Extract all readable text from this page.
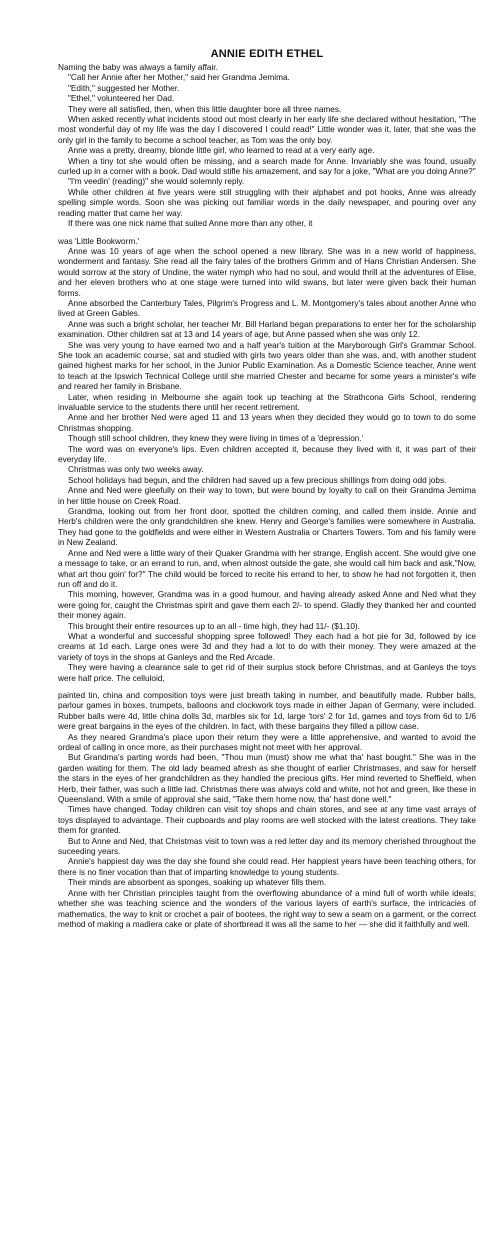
ANNIE EDITH ETHEL

Naming the baby was always a family affair.

"Call her Annie after her Mother," said her Grandma Jemima.

"Edith," suggested her Mother.

"Ethel," volunteered her Dad.

They were all satisfied, then, when this little daughter bore all three names.

When asked recently what incidents stood out most clearly in her early life she declared without hesitation, "The most wonderful day of my life was the day I discovered I could read!" Little wonder was it, later, that she was the only girl in the family to become a school teacher, as Tom was the only boy.

Anne was a pretty, dreamy, blonde little girl, who learned to read at a very early age.

When a tiny tot she would often be missing, and a search made for Anne. Invariably she was found, usually curled up in a corner with a book. Dad would stifle his amazement, and say for a joke, "What are you doing Anne?"

"I'm veedin' (reading)" she would solemnly reply.

While other children at five years were still struggling with their alphabet and pot hooks, Anne was already spelling simple words. Soon she was picking out familiar words in the daily newspaper, and pouring over any reading matter that came her way.

If there was one nick name that suited Anne more than any other, it

was 'Little Bookworm.'

Anne was 10 years of age when the school opened a new library. She was in a new world of happiness, wonderment and fantasy. She read all the fairy tales of the brothers Grimm and of Hans Christian Andersen. She would sorrow at the story of Undine, the water nymph who had no soul, and would thrill at the adventures of Elise, and her eleven brothers who at one stage were turned into wild swans, but later were given back their human forms.

Anne absorbed the Canterbury Tales, Pilgrim's Progress and L. M. Montgomery's tales about another Anne who lived at Green Gables.

Anne was such a bright scholar, her teacher Mr. Bill Harland began preparations to enter her for the scholarship examination. Other children sat at 13 and 14 years of age, but Anne passed when she was only 12.

She was very young to have earned two and a half year's tuition at the Maryborough Girl's Grammar School. She took an academic course, sat and studied with girls two years older than she was, and, with another student gained highest marks for her school, in the Junior Public Examination. As a Domestic Science teacher, Anne went to teach at the Ipswich Technical College until she married Chester and became for some years a minister's wife and reared her family in Brisbane.

Later, when residing in Melbourne she again took up teaching at the Strathcona Girls School, rendering invaluable service to the students there until her recent retirement.

Anne and her brother Ned were aged 11 and 13 years when they decided they would go to town to do some Christmas shopping.

Though still school children, they knew they were living in times of a 'depression.'

The word was on everyone's lips. Even children accepted it, because they lived with it, it was part of their everyday life.

Christmas was only two weeks away.

School holidays had begun, and the children had saved up a few precious shillings from doing odd jobs.

Anne and Ned were gleefully on their way to town, but were bound by loyalty to call on their Grandma Jemima in her little house on Creek Road.

Grandma, looking out from her front door, spotted the children coming, and called them inside. Annie and Herb's children were the only grandchildren she knew. Henry and George's families were somewhere in Australia. They had gone to the goldfields and were either in Western Australia or Charters Towers. Tom and his family were in New Zealand.

Anne and Ned were a little wary of their Quaker Grandma with her strange, English accent. She would give one a message to take, or an errand to run, and, when almost outside the gate, she would call him back and ask,"Now, what art thou goin' for?" The child would be forced to recite his errand to her, to show he had not forgotten it, then run off and do it.

This morning, however, Grandma was in a good humour, and having already asked Anne and Ned what they were going for, caught the Christmas spirit and gave them each 2/- to spend. Gladly they thanked her and counted their money again.

This brought their entire resources up to an all - time high, they had 11/- ($1.10).

What a wonderful and successful shopping spree followed! They each had a hot pie for 3d, followed by ice creams at 1d each. Large ones were 3d and they had a lot to do with their money. They were amazed at the variety of toys in the shops at Ganleys and the Red Arcade.

They were having a clearance sale to get rid of their surplus stock before Christmas, and at Ganleys the toys were half price. The celluloid,

painted tin, china and composition toys were just breath taking in number, and beautifully made. Rubber balls, parlour games in boxes, trumpets, balloons and clockwork toys made in either Japan of Germany, were included. Rubber balls were 4d, little china dolls 3d, marbles six for 1d, large 'tors' 2 for 1d, games and toys from 6d to 1/6 were great bargains in the eyes of the children. In fact, with these bargains they filled a pillow case.

As they neared Grandma's place upon their return they were a little apprehensive, and wanted to avoid the ordeal of calling in once more, as their purchases might not meet with her approval.

But Grandma's parting words had been, "Thou mun (must) show me what tha' hast bought." She was in the garden waiting for them. The old lady beamed afresh as she thought of earlier Christmases, and saw for herself the stars in the eyes of her grandchildren as they handled the precious gifts. Her mind reverted to Sheffield, when Herb, their father, was such a little lad. Christmas there was always cold and white, not hot and green, like these in Queensland. With a smile of approval she said, "Take them home now, tha' hast done well."

Times have changed. Today children can visit toy shops and chain stores, and see at any time vast arrays of toys displayed to advantage. Their cupboards and play rooms are well stocked with the latest creations. They take them for granted.

But to Anne and Ned, that Christmas visit to town was a red letter day and its memory cherished throughout the suceeding years.

Annie's happiest day was the day she found she could read. Her happiest years have been teaching others, for there is no finer vocation than that of imparting knowledge to young students.

Their minds are absorbent as sponges, soaking up whatever fills them.

Anne with her Christian principles taught from the overflowing abundance of a mind full of worth while ideals; whether she was teaching science and the wonders of the various layers of earth's surface, the intricacies of mathematics, the way to knit or crochet a pair of bootees, the right way to sew a seam on a garment, or the correct method of making a madiera cake or plate of shortbread it was all the same to her — she did it faithfully and well.
